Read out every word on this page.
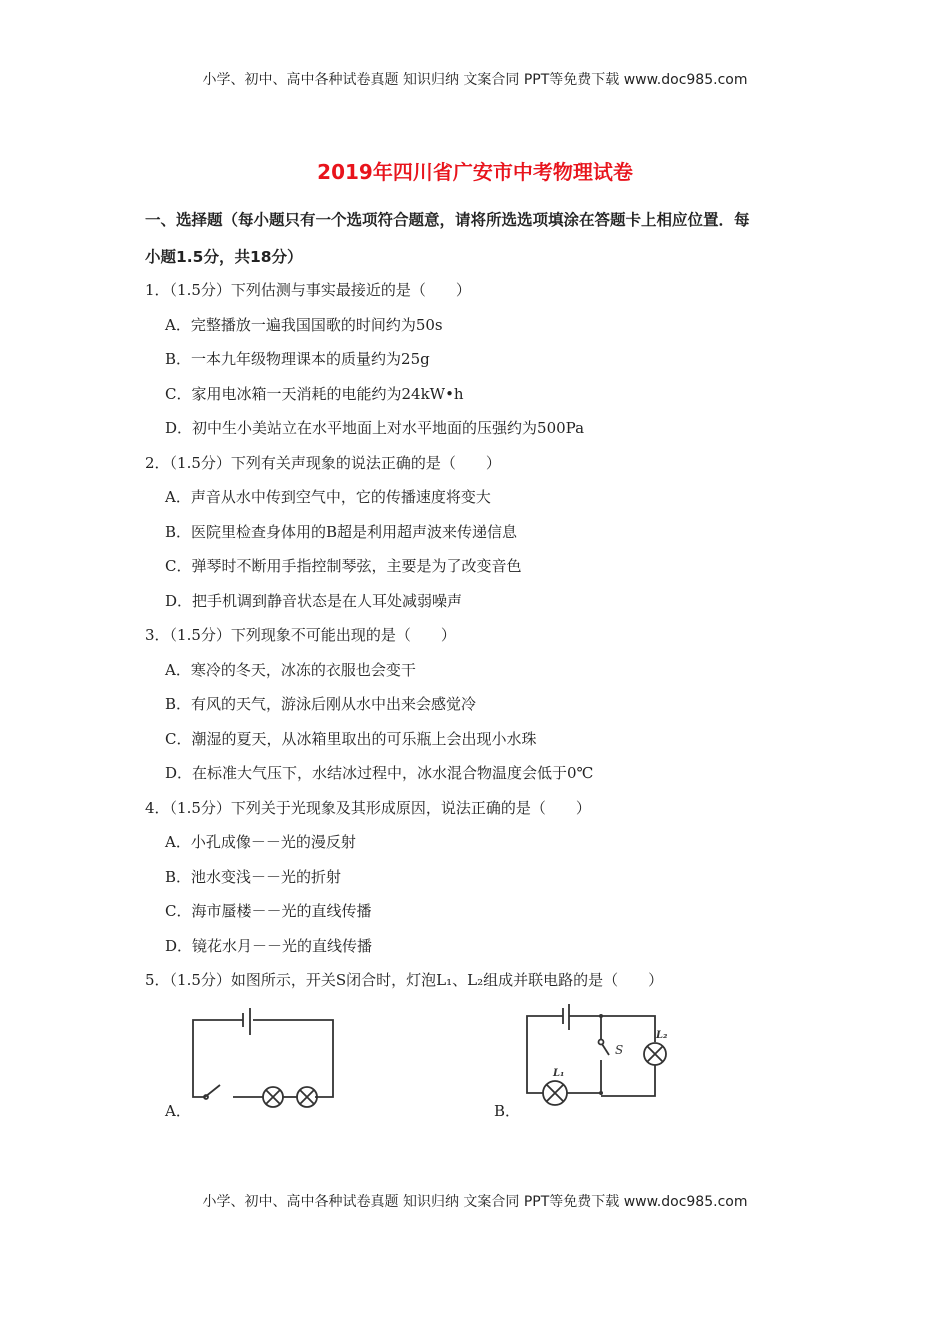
小学、初中、高中各种试卷真题 知识归纳 文案合同 PPT等免费下载 www.doc985.com
2019年四川省广安市中考物理试卷
一、选择题（每小题只有一个选项符合题意，请将所选选项填涂在答题卡上相应位置．每
小题1.5分，共18分）
1．（1.5分）下列估测与事实最接近的是（　　）
A．完整播放一遍我国国歌的时间约为50s
B．一本九年级物理课本的质量约为25g
C．家用电冰箱一天消耗的电能约为24kW•h
D．初中生小美站立在水平地面上对水平地面的压强约为500Pa
2．（1.5分）下列有关声现象的说法正确的是（　　）
A．声音从水中传到空气中，它的传播速度将变大
B．医院里检查身体用的B超是利用超声波来传递信息
C．弹琴时不断用手指控制琴弦，主要是为了改变音色
D．把手机调到静音状态是在人耳处减弱噪声
3．（1.5分）下列现象不可能出现的是（　　）
A．寒冷的冬天，冰冻的衣服也会变干
B．有风的天气，游泳后刚从水中出来会感觉冷
C．潮湿的夏天，从冰箱里取出的可乐瓶上会出现小水珠
D．在标准大气压下，水结冰过程中，冰水混合物温度会低于0℃
4．（1.5分）下列关于光现象及其形成原因，说法正确的是（　　）
A．小孔成像－－光的漫反射
B．池水变浅－－光的折射
C．海市蜃楼－－光的直线传播
D．镜花水月－－光的直线传播
5．（1.5分）如图所示，开关S闭合时，灯泡L₁、L₂组成并联电路的是（　　）
A．
S
L₁
L₂
B．
小学、初中、高中各种试卷真题 知识归纳 文案合同 PPT等免费下载 www.doc985.com
